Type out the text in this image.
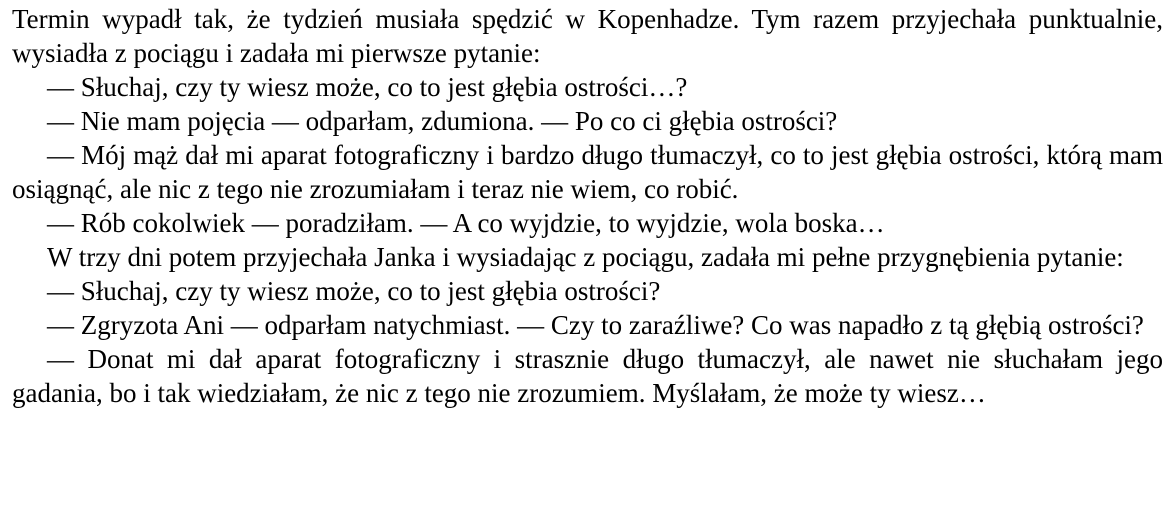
Termin wypadł tak, że tydzień musiała spędzić w Kopenhadze. Tym razem przyjechała punktualnie, wysiadła z pociągu i zadała mi pierwsze pytanie:

— Słuchaj, czy ty wiesz może, co to jest głębia ostrości…?

— Nie mam pojęcia — odparłam, zdumiona. — Po co ci głębia ostrości?

— Mój mąż dał mi aparat fotograficzny i bardzo długo tłumaczył, co to jest głębia ostrości, którą mam osiągnąć, ale nic z tego nie zrozumiałam i teraz nie wiem, co robić.

— Rób cokolwiek — poradziłam. — A co wyjdzie, to wyjdzie, wola boska…

W trzy dni potem przyjechała Janka i wysiadając z pociągu, zadała mi pełne przygnębienia pytanie:

— Słuchaj, czy ty wiesz może, co to jest głębia ostrości?

— Zgryzota Ani — odparłam natychmiast. — Czy to zaraźliwe? Co was napadło z tą głębią ostrości?

— Donat mi dał aparat fotograficzny i strasznie długo tłumaczył, ale nawet nie słuchałam jego gadania, bo i tak wiedziałam, że nic z tego nie zrozumiem. Myślałam, że może ty wiesz…
